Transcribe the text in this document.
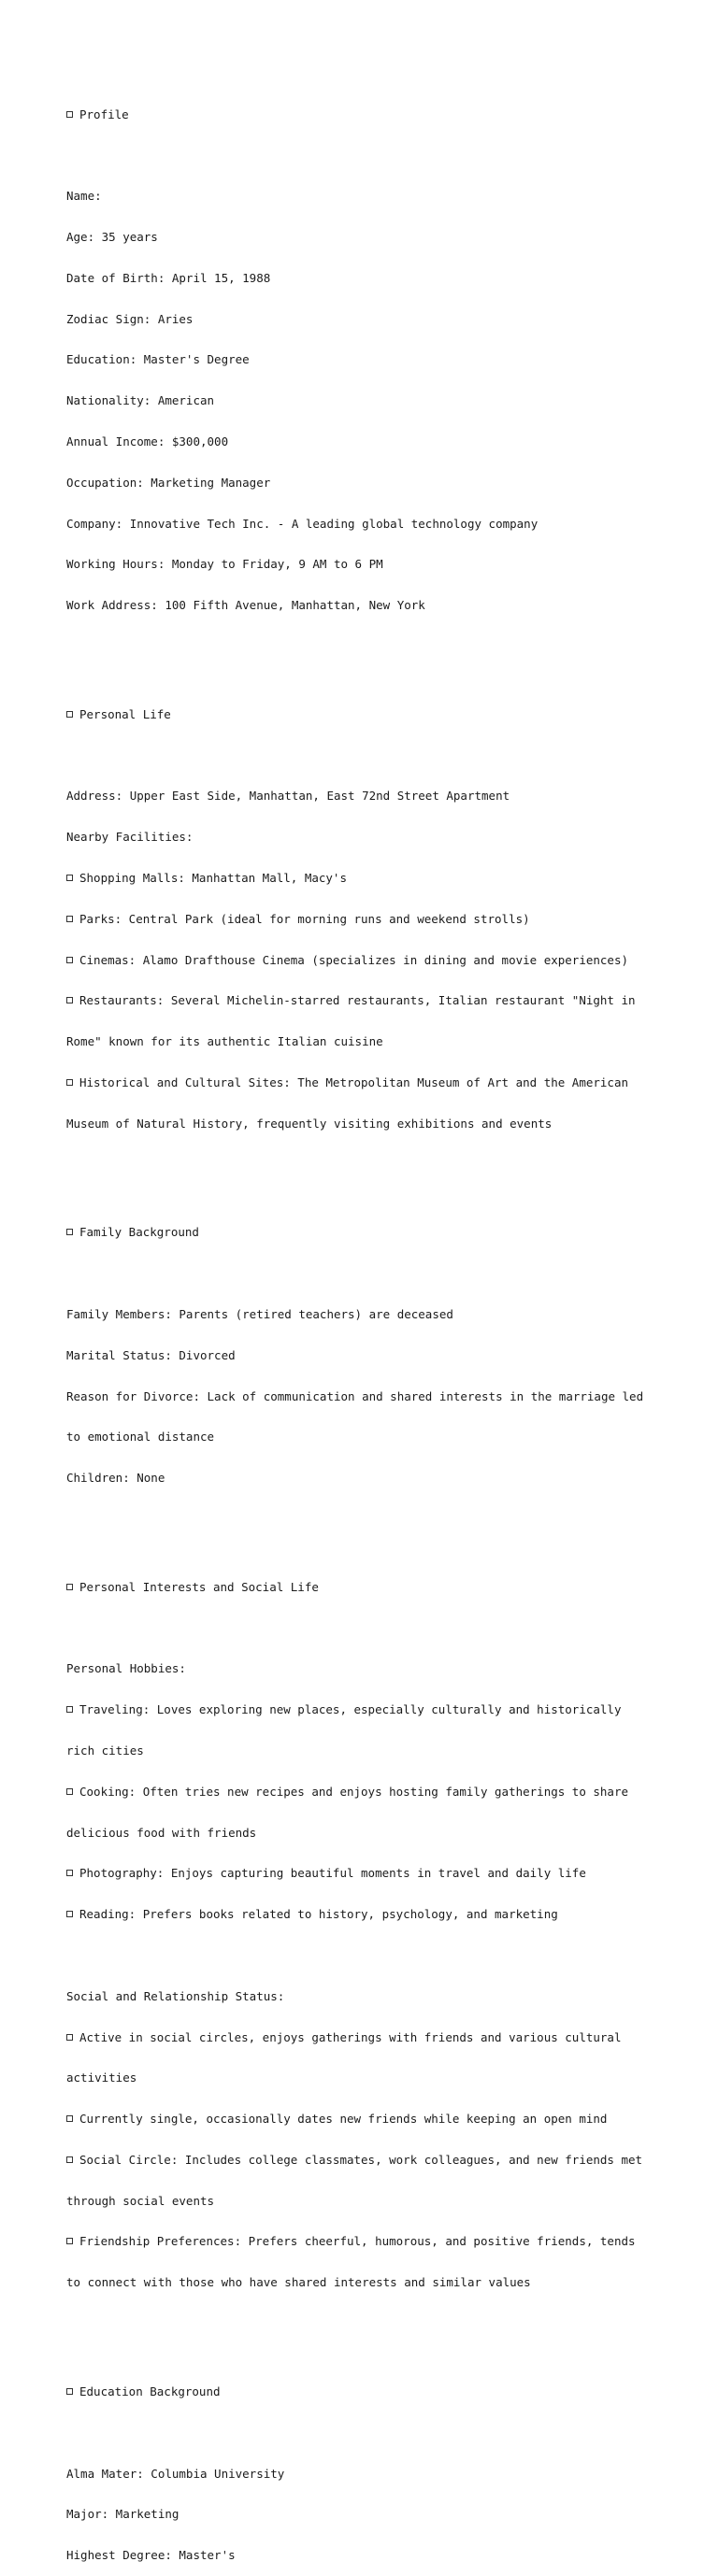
Profile

Name:

Age: 35 years

Date of Birth: April 15, 1988

Zodiac Sign: Aries

Education: Master's Degree

Nationality: American

Annual Income: $300,000

Occupation: Marketing Manager

Company: Innovative Tech Inc. - A leading global technology company

Working Hours: Monday to Friday, 9 AM to 6 PM

Work Address: 100 Fifth Avenue, Manhattan, New York

Personal Life

Address: Upper East Side, Manhattan, East 72nd Street Apartment

Nearby Facilities:

Shopping Malls: Manhattan Mall, Macy's

Parks: Central Park (ideal for morning runs and weekend strolls)

Cinemas: Alamo Drafthouse Cinema (specializes in dining and movie experiences)

Restaurants: Several Michelin-starred restaurants, Italian restaurant "Night in

Rome" known for its authentic Italian cuisine

Historical and Cultural Sites: The Metropolitan Museum of Art and the American

Museum of Natural History, frequently visiting exhibitions and events

Family Background

Family Members: Parents (retired teachers) are deceased

Marital Status: Divorced

Reason for Divorce: Lack of communication and shared interests in the marriage led

to emotional distance

Children: None

Personal Interests and Social Life

Personal Hobbies:

Traveling: Loves exploring new places, especially culturally and historically

rich cities

Cooking: Often tries new recipes and enjoys hosting family gatherings to share

delicious food with friends

Photography: Enjoys capturing beautiful moments in travel and daily life

Reading: Prefers books related to history, psychology, and marketing

Social and Relationship Status:

Active in social circles, enjoys gatherings with friends and various cultural

activities

Currently single, occasionally dates new friends while keeping an open mind

Social Circle: Includes college classmates, work colleagues, and new friends met

through social events

Friendship Preferences: Prefers cheerful, humorous, and positive friends, tends

to connect with those who have shared interests and similar values

Education Background

Alma Mater: Columbia University

Major: Marketing

Highest Degree: Master's
